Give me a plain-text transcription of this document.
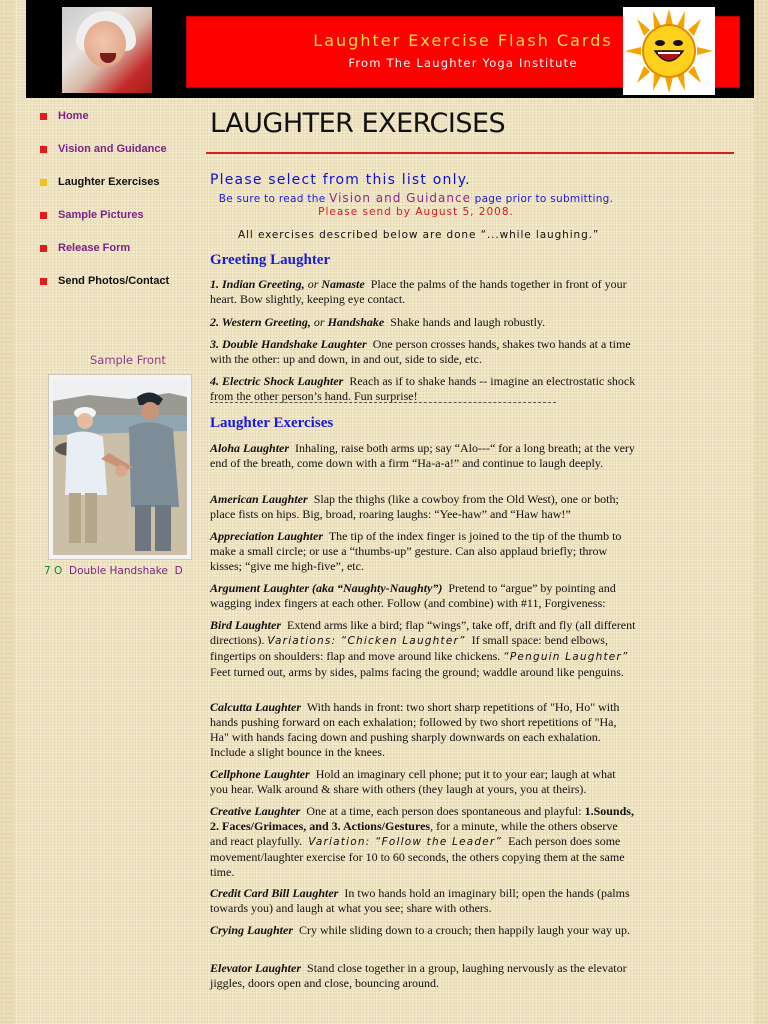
Laughter Exercise Flash Cards
From The Laughter Yoga Institute
Home
Vision and Guidance
Laughter Exercises
Sample Pictures
Release Form
Send Photos/Contact
Sample Front
7 O Double Handshake D
LAUGHTER EXERCISES
Please select from this list only.
Be sure to read the Vision and Guidance page prior to submitting.
Please send by August 5, 2008.
All exercises described below are done “...while laughing.”
Greeting Laughter
1. Indian Greeting, or Namaste Place the palms of the hands together in front of your heart. Bow slightly, keeping eye contact.
2. Western Greeting, or Handshake Shake hands and laugh robustly.
3. Double Handshake Laughter One person crosses hands, shakes two hands at a time with the other: up and down, in and out, side to side, etc.
4. Electric Shock Laughter Reach as if to shake hands -- imagine an electrostatic shock from the other person’s hand. Fun surprise!
Laughter Exercises
Aloha Laughter Inhaling, raise both arms up; say “Alo---“ for a long breath; at the very end of the breath, come down with a firm “Ha-a-a!” and continue to laugh deeply.
American Laughter Slap the thighs (like a cowboy from the Old West), one or both; place fists on hips. Big, broad, roaring laughs: “Yee-haw” and “Haw haw!”
Appreciation Laughter The tip of the index finger is joined to the tip of the thumb to make a small circle; or use a “thumbs-up” gesture. Can also applaud briefly; throw kisses; “give me high-five”, etc.
Argument Laughter (aka “Naughty-Naughty”) Pretend to “argue” by pointing and wagging index fingers at each other. Follow (and combine) with #11, Forgiveness:
Bird Laughter Extend arms like a bird; flap “wings”, take off, drift and fly (all different directions). Variations: “Chicken Laughter” If small space: bend elbows, fingertips on shoulders: flap and move around like chickens. “Penguin Laughter”  Feet turned out, arms by sides, palms facing the ground; waddle around like penguins.
Calcutta Laughter With hands in front: two short sharp repetitions of "Ho, Ho" with hands pushing forward on each exhalation; followed by two short repetitions of "Ha, Ha" with hands facing down and pushing sharply downwards on each exhalation. Include a slight bounce in the knees.
Cellphone Laughter Hold an imaginary cell phone; put it to your ear; laugh at what you hear. Walk around & share with others (they laugh at yours, you at theirs).
Creative Laughter One at a time, each person does spontaneous and playful: 1.Sounds, 2. Faces/Grimaces, and 3. Actions/Gestures, for a minute, while the others observe and react playfully. Variation: “Follow the Leader” Each person does some movement/laughter exercise for 10 to 60 seconds, the others copying them at the same time.
Credit Card Bill Laughter In two hands hold an imaginary bill; open the hands (palms towards you) and laugh at what you see; share with others.
Crying Laughter Cry while sliding down to a crouch; then happily laugh your way up.
Elevator Laughter Stand close together in a group, laughing nervously as the elevator jiggles, doors open and close, bouncing around.
